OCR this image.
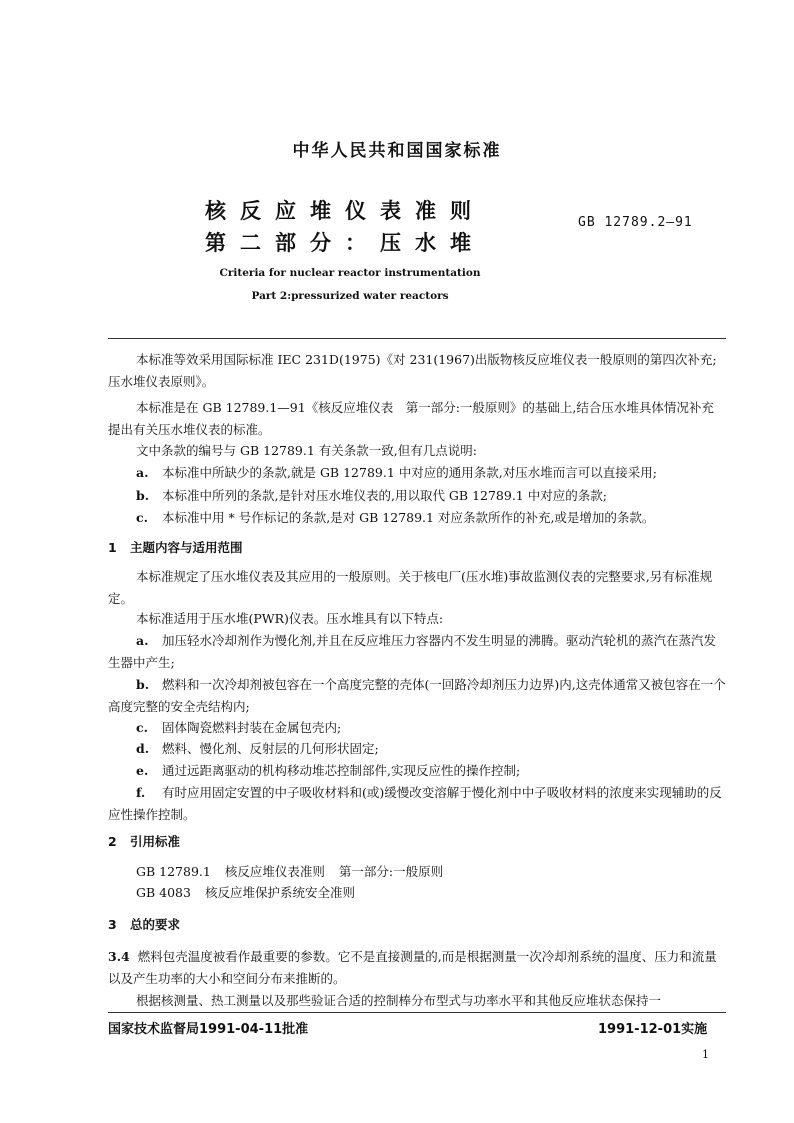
中华人民共和国国家标准
核反应堆仪表准则
第二部分：压水堆
GB 12789.2—91
Criteria for nuclear reactor instrumentation
Part 2:pressurized water reactors
本标准等效采用国际标准 IEC 231D(1975)《对 231(1967)出版物核反应堆仪表一般原则的第四次补充;压水堆仪表原则》。
本标准是在 GB 12789.1—91《核反应堆仪表　第一部分:一般原则》的基础上,结合压水堆具体情况补充提出有关压水堆仪表的标准。
文中条款的编号与 GB 12789.1 有关条款一致,但有几点说明:
a. 本标准中所缺少的条款,就是 GB 12789.1 中对应的通用条款,对压水堆而言可以直接采用;
b. 本标准中所列的条款,是针对压水堆仪表的,用以取代 GB 12789.1 中对应的条款;
c. 本标准中用 * 号作标记的条款,是对 GB 12789.1 对应条款所作的补充,或是增加的条款。
1 主题内容与适用范围
本标准规定了压水堆仪表及其应用的一般原则。关于核电厂(压水堆)事故监测仪表的完整要求,另有标准规定。
本标准适用于压水堆(PWR)仪表。压水堆具有以下特点:
a. 加压轻水冷却剂作为慢化剂,并且在反应堆压力容器内不发生明显的沸腾。驱动汽轮机的蒸汽在蒸汽发生器中产生;
b. 燃料和一次冷却剂被包容在一个高度完整的壳体(一回路冷却剂压力边界)内,这壳体通常又被包容在一个高度完整的安全壳结构内;
c. 固体陶瓷燃料封装在金属包壳内;
d. 燃料、慢化剂、反射层的几何形状固定;
e. 通过远距离驱动的机构移动堆芯控制部件,实现反应性的操作控制;
f. 有时应用固定安置的中子吸收材料和(或)缓慢改变溶解于慢化剂中中子吸收材料的浓度来实现辅助的反应性操作控制。
2 引用标准
GB 12789.1 核反应堆仪表准则 第一部分:一般原则
GB 4083 核反应堆保护系统安全准则
3 总的要求
3.4 燃料包壳温度被看作最重要的参数。它不是直接测量的,而是根据测量一次冷却剂系统的温度、压力和流量以及产生功率的大小和空间分布来推断的。
根据核测量、热工测量以及那些验证合适的控制棒分布型式与功率水平和其他反应堆状态保持一
国家技术监督局1991-04-11批准	1991-12-01实施
1
